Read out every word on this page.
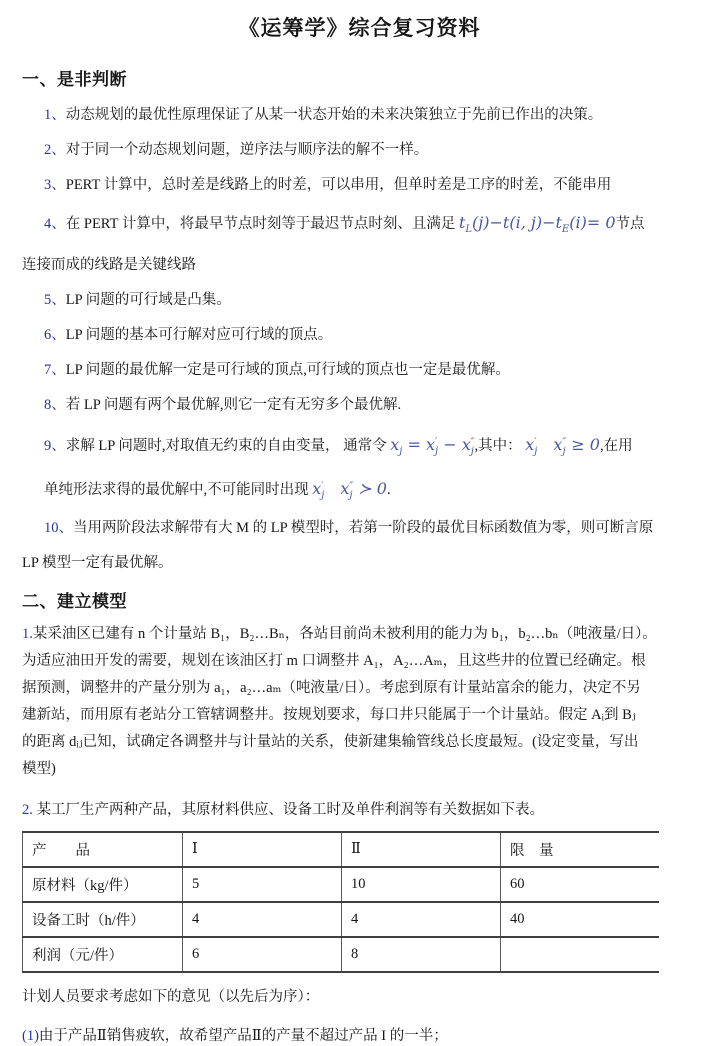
《运筹学》综合复习资料
一、是非判断
1、动态规划的最优性原理保证了从某一状态开始的未来决策独立于先前已作出的决策。
2、对于同一个动态规划问题，逆序法与顺序法的解不一样。
3、PERT 计算中，总时差是线路上的时差，可以串用，但单时差是工序的时差，不能串用
4、在 PERT 计算中，将最早节点时刻等于最迟节点时刻、且满足 $t_L(j)-t(i$, $j)-t_E(i)= 0$节点
连接而成的线路是关键线路
5、LP 问题的可行域是凸集。
6、LP 问题的基本可行解对应可行域的顶点。
7、LP 问题的最优解一定是可行域的顶点,可行域的顶点也一定是最优解。
8、若 LP 问题有两个最优解,则它一定有无穷多个最优解.
9、求解 LP 问题时,对取值无约束的自由变量， 通常令 $x_j = x$ ′
j − x ″
j ,其中： x ′
j x ″
j ≥ 0,在用
单纯形法求得的最优解中,不可能同时出现 x ′
j x ″
j ≻ 0.
10、当用两阶段法求解带有大 M 的 LP 模型时，若第一阶段的最优目标函数值为零，则可断言原
LP 模型一定有最优解。
二、建立模型
1.某采油区已建有 n 个计量站 B₁，B₂…Bₙ，各站目前尚未被利用的能力为 b₁，b₂…bₙ（吨液量/日）。
为适应油田开发的需要，规划在该油区打 m 口调整井 A₁，A₂…Aₘ，且这些井的位置已经确定。根
据预测，调整井的产量分别为 a₁，a₂…aₘ（吨液量/日）。考虑到原有计量站富余的能力，决定不另
建新站，而用原有老站分工管辖调整井。按规划要求，每口井只能属于一个计量站。假定 Aᵢ到 Bⱼ
的距离 dᵢⱼ已知，试确定各调整井与计量站的关系，使新建集输管线总长度最短。(设定变量，写出
模型)
2. 某工厂生产两种产品，其原材料供应、设备工时及单件利润等有关数据如下表。
产　　品	Ⅰ	Ⅱ	限　量
原材料（kg/件）	5	10	60
设备工时（h/件）	4	4	40
利润（元/件）	6	8	
计划人员要求考虑如下的意见（以先后为序）：
(1)由于产品Ⅱ销售疲软，故希望产品Ⅱ的产量不超过产品 I 的一半；
